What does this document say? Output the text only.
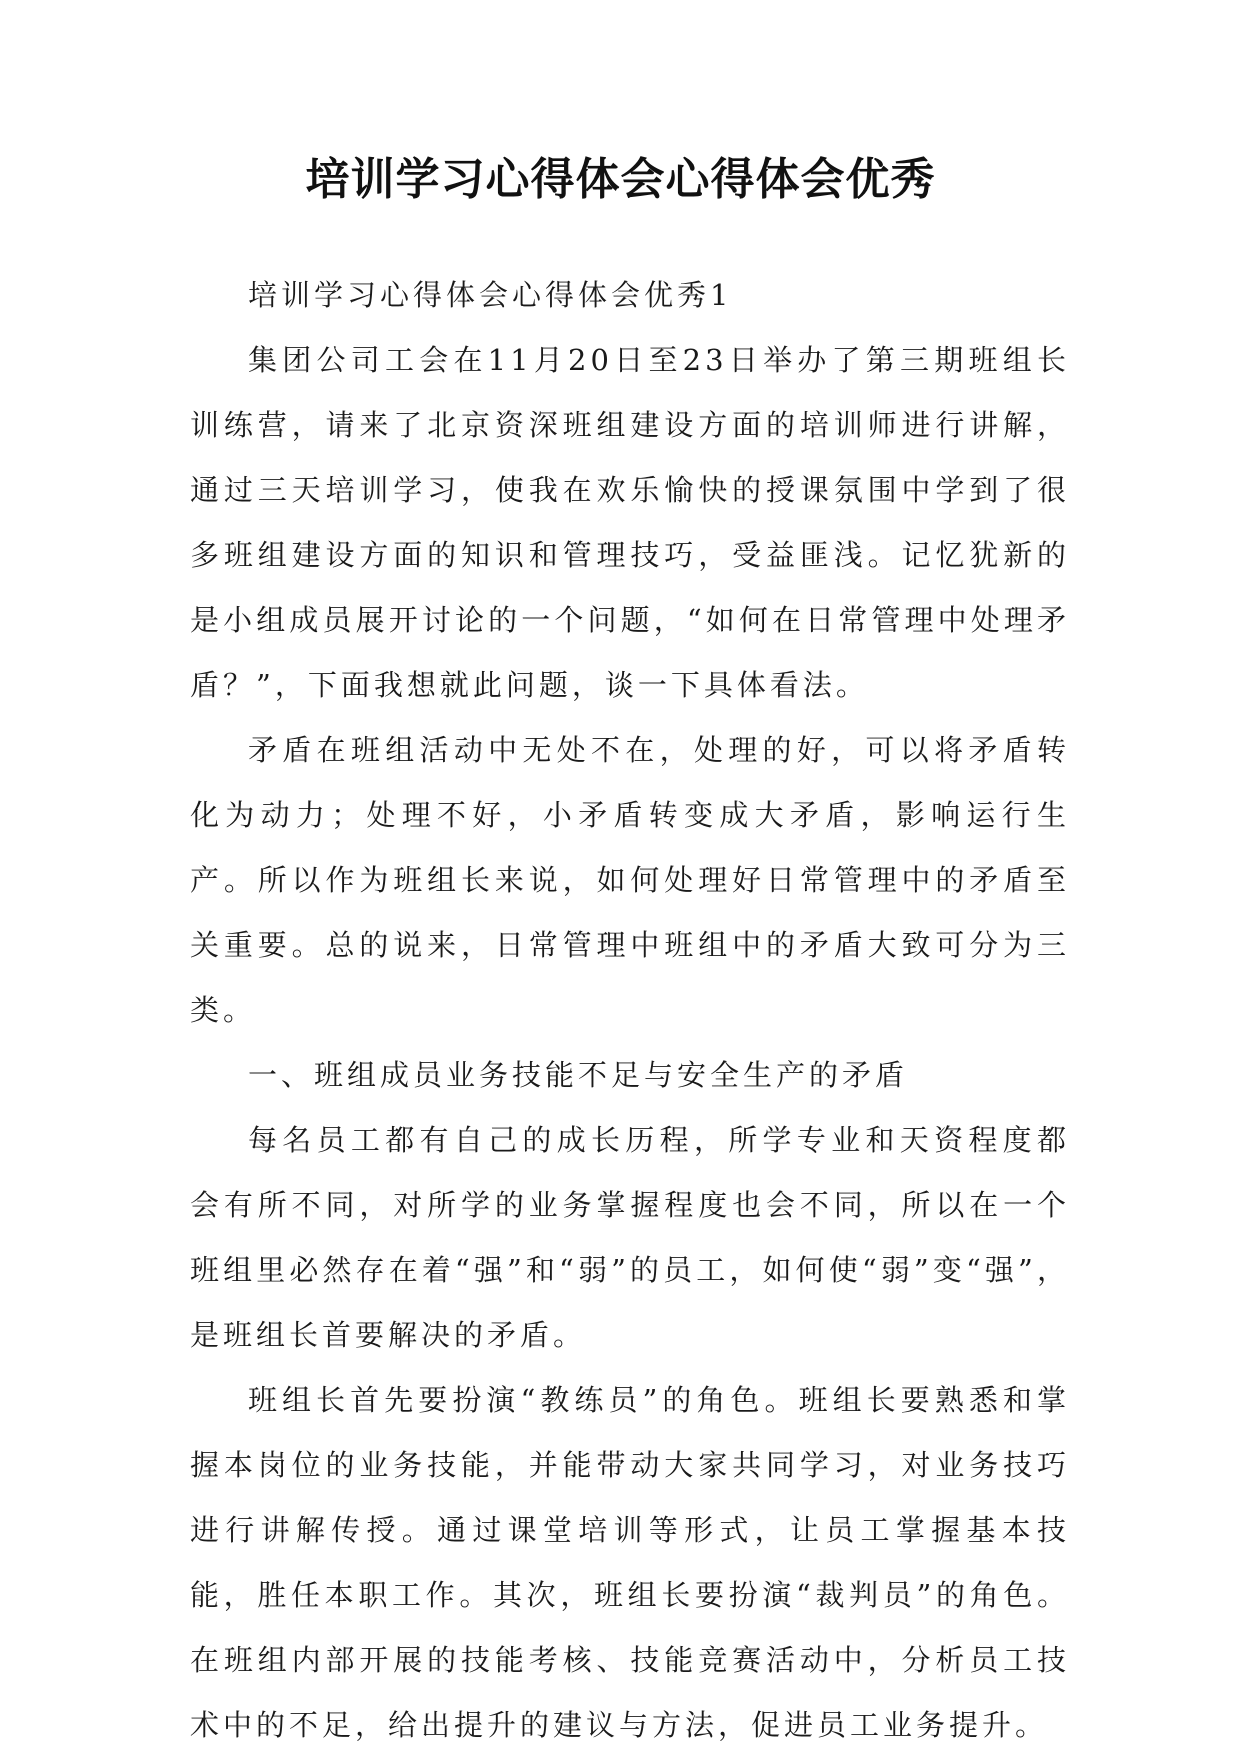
培训学习心得体会心得体会优秀

培训学习心得体会心得体会优秀1

集团公司工会在11月20日至23日举办了第三期班组长训练营，请来了北京资深班组建设方面的培训师进行讲解，通过三天培训学习，使我在欢乐愉快的授课氛围中学到了很多班组建设方面的知识和管理技巧，受益匪浅。记忆犹新的是小组成员展开讨论的一个问题，“如何在日常管理中处理矛盾？”，下面我想就此问题，谈一下具体看法。

矛盾在班组活动中无处不在，处理的好，可以将矛盾转化为动力；处理不好，小矛盾转变成大矛盾，影响运行生产。所以作为班组长来说，如何处理好日常管理中的矛盾至关重要。总的说来，日常管理中班组中的矛盾大致可分为三类。

一、班组成员业务技能不足与安全生产的矛盾

每名员工都有自己的成长历程，所学专业和天资程度都会有所不同，对所学的业务掌握程度也会不同，所以在一个班组里必然存在着“强”和“弱”的员工，如何使“弱”变“强”，是班组长首要解决的矛盾。

班组长首先要扮演“教练员”的角色。班组长要熟悉和掌握本岗位的业务技能，并能带动大家共同学习，对业务技巧进行讲解传授。通过课堂培训等形式，让员工掌握基本技能，胜任本职工作。其次，班组长要扮演“裁判员”的角色。在班组内部开展的技能考核、技能竞赛活动中，分析员工技术中的不足，给出提升的建议与方法，促进员工业务提升。
